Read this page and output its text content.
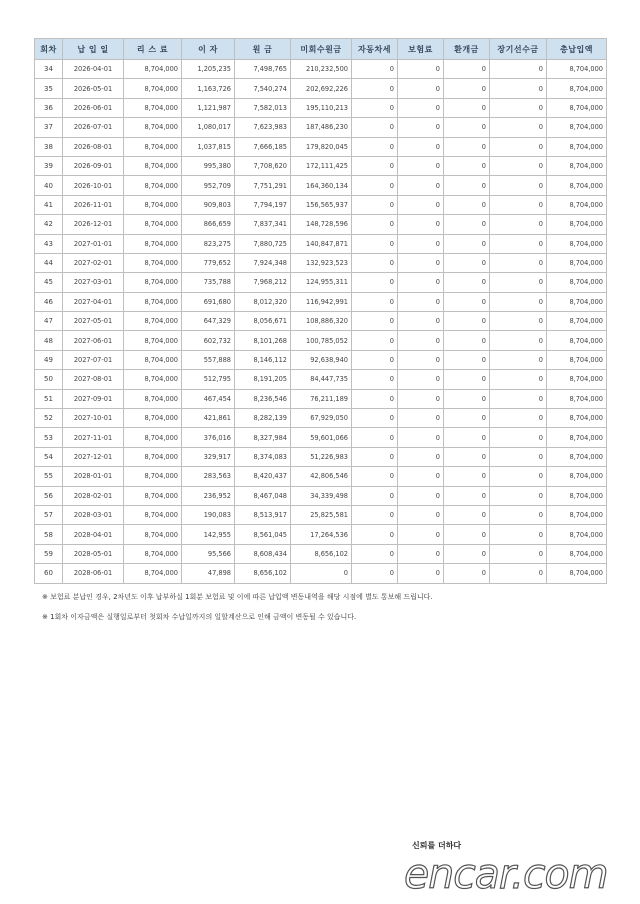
회차	납 입 일	리 스 료	이 자	원 금	미회수원금	자동차세	보험료	환개금	장기선수금	총납입액
34	2026-04-01	8,704,000	1,205,235	7,498,765	210,232,500	0	0	0	0	8,704,000
35	2026-05-01	8,704,000	1,163,726	7,540,274	202,692,226	0	0	0	0	8,704,000
36	2026-06-01	8,704,000	1,121,987	7,582,013	195,110,213	0	0	0	0	8,704,000
37	2026-07-01	8,704,000	1,080,017	7,623,983	187,486,230	0	0	0	0	8,704,000
38	2026-08-01	8,704,000	1,037,815	7,666,185	179,820,045	0	0	0	0	8,704,000
39	2026-09-01	8,704,000	995,380	7,708,620	172,111,425	0	0	0	0	8,704,000
40	2026-10-01	8,704,000	952,709	7,751,291	164,360,134	0	0	0	0	8,704,000
41	2026-11-01	8,704,000	909,803	7,794,197	156,565,937	0	0	0	0	8,704,000
42	2026-12-01	8,704,000	866,659	7,837,341	148,728,596	0	0	0	0	8,704,000
43	2027-01-01	8,704,000	823,275	7,880,725	140,847,871	0	0	0	0	8,704,000
44	2027-02-01	8,704,000	779,652	7,924,348	132,923,523	0	0	0	0	8,704,000
45	2027-03-01	8,704,000	735,788	7,968,212	124,955,311	0	0	0	0	8,704,000
46	2027-04-01	8,704,000	691,680	8,012,320	116,942,991	0	0	0	0	8,704,000
47	2027-05-01	8,704,000	647,329	8,056,671	108,886,320	0	0	0	0	8,704,000
48	2027-06-01	8,704,000	602,732	8,101,268	100,785,052	0	0	0	0	8,704,000
49	2027-07-01	8,704,000	557,888	8,146,112	92,638,940	0	0	0	0	8,704,000
50	2027-08-01	8,704,000	512,795	8,191,205	84,447,735	0	0	0	0	8,704,000
51	2027-09-01	8,704,000	467,454	8,236,546	76,211,189	0	0	0	0	8,704,000
52	2027-10-01	8,704,000	421,861	8,282,139	67,929,050	0	0	0	0	8,704,000
53	2027-11-01	8,704,000	376,016	8,327,984	59,601,066	0	0	0	0	8,704,000
54	2027-12-01	8,704,000	329,917	8,374,083	51,226,983	0	0	0	0	8,704,000
55	2028-01-01	8,704,000	283,563	8,420,437	42,806,546	0	0	0	0	8,704,000
56	2028-02-01	8,704,000	236,952	8,467,048	34,339,498	0	0	0	0	8,704,000
57	2028-03-01	8,704,000	190,083	8,513,917	25,825,581	0	0	0	0	8,704,000
58	2028-04-01	8,704,000	142,955	8,561,045	17,264,536	0	0	0	0	8,704,000
59	2028-05-01	8,704,000	95,566	8,608,434	8,656,102	0	0	0	0	8,704,000
60	2028-06-01	8,704,000	47,898	8,656,102	0	0	0	0	0	8,704,000
※ 보험료 분납인 경우, 2차년도 이후 납부하실 1회분 보험료 및 이에 따른 납입액 변동내역을 해당 시점에 별도 통보해 드립니다.
※ 1회차 이자금액은 실행일로부터 첫회차 수납일까지의 일할계산으로 인해 금액이 변동될 수 있습니다.
신뢰를 더하다
encar.com
